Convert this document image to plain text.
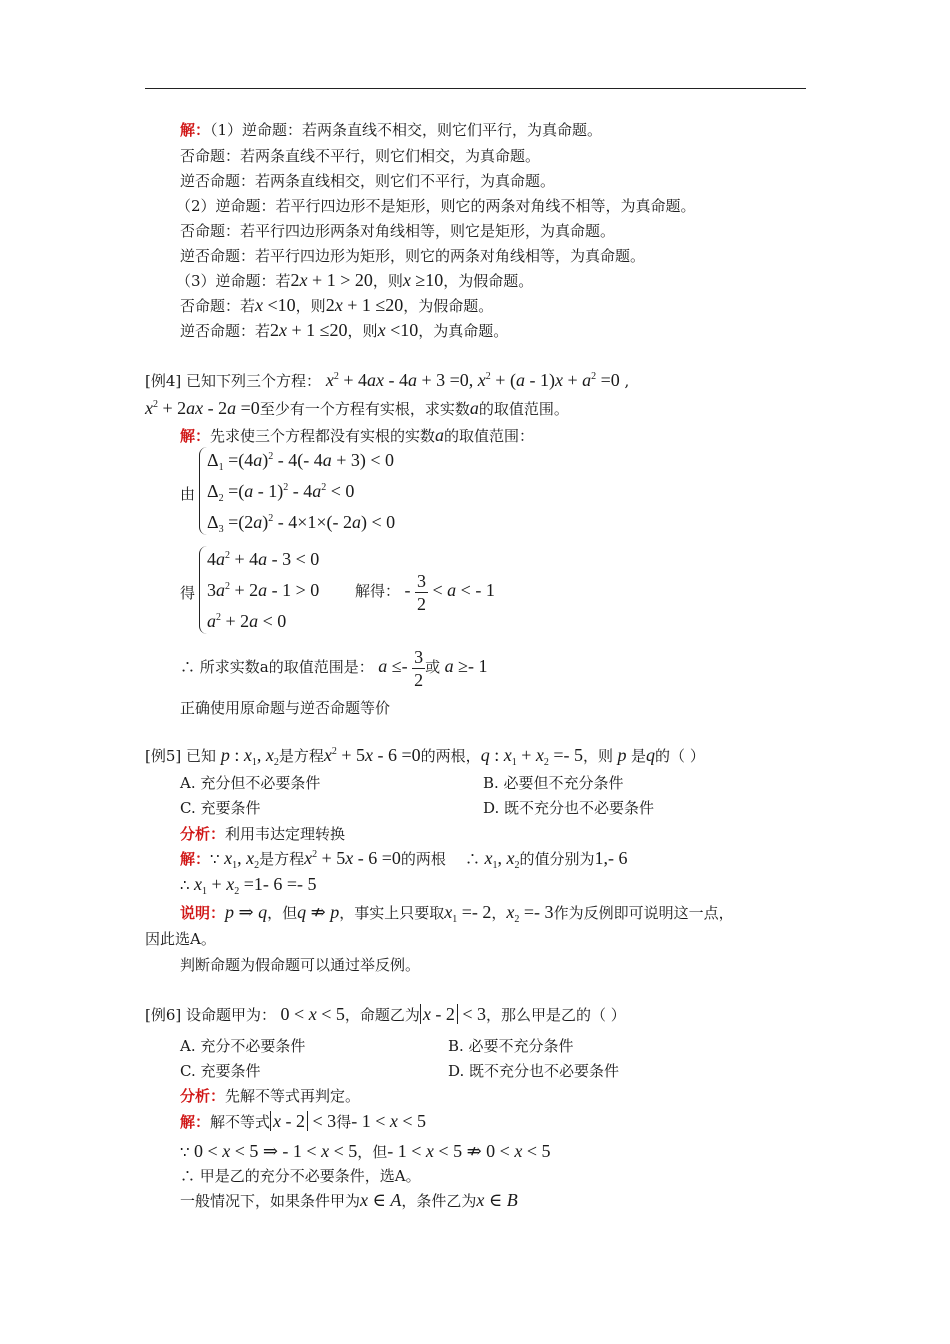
解：（1）逆命题：若两条直线不相交，则它们平行，为真命题。
否命题：若两条直线不平行，则它们相交，为真命题。
逆否命题：若两条直线相交，则它们不平行，为真命题。
（2）逆命题：若平行四边形不是矩形，则它的两条对角线不相等，为真命题。
否命题：若平行四边形两条对角线相等，则它是矩形，为真命题。
逆否命题：若平行四边形为矩形，则它的两条对角线相等，为真命题。
（3）逆命题：若2x + 1 > 20，则x ≥10，为假命题。
否命题：若x <10，则2x + 1 ≤20，为假命题。
逆否命题：若2x + 1 ≤20，则x <10，为真命题。
[例4] 已知下列三个方程： $x^2 + 4ax - 4a + 3 =0$, $x^2 + (a - 1)x + a^2 =0$ ,
$x^2 + 2ax - 2a =0$至少有一个方程有实根，求实数a的取值范围。
解：先求使三个方程都没有实根的实数a的取值范围：
由
$\Delta_1 =(4a)^2 - 4(-$ 4a + 3) < 0
$\Delta_2 =(a - 1)^2 - 4a^2 < 0$
$\Delta_3 =(2a)^2 - 4\times 1\times(-$ 2a) < 0
得
$4a^2 + 4a - 3 < 0$
$3a^2 + 2a - 1 > 0$
$a^2 + 2a < 0$
解得： - $\frac{3}{2} < a$ < - 1
∴ 所求实数a的取值范围是： $a \le- \frac{3}{2}$ 或 a ≥- 1
正确使用原命题与逆否命题等价
[例5] 已知 p : $x_1$, $x_2$是方程$x^2 + 5x - 6 =0$的两根，q : $x_1 + x_2 =- 5$，则 p 是q的（ ）
A. 充分但不必要条件	B. 必要但不充分条件
C. 充要条件	D. 既不充分也不必要条件
分析：利用韦达定理转换
解：∵ $x_1$, $x_2$是方程$x^2 + 5x - 6 =0$的两根 ∴ $x_1$, $x_2$的值分别为1,- 6
∴ $x_1 + x_2 =1-$ 6 =- 5
说明：p ⇒ q，但q ⇏ p，事实上只要取$x_1 =- 2$，$x_2 =- 3$作为反例即可说明这一点，
因此选A。
判断命题为假命题可以通过举反例。
[例6] 设命题甲为： 0 < x < 5，命题乙为 x - 2 < 3，那么甲是乙的（ ）
A. 充分不必要条件	B. 必要不充分条件
C. 充要条件	D. 既不充分也不必要条件
分析：先解不等式再判定。
解：解不等式 x - 2 < 3得- 1 < x < 5
∵ 0 < x < 5 ⇒ - 1 < x < 5，但- 1 < x < 5 ⇏ 0 < x < 5
∴ 甲是乙的充分不必要条件，选A。
一般情况下，如果条件甲为x ∈ A，条件乙为x ∈ B
